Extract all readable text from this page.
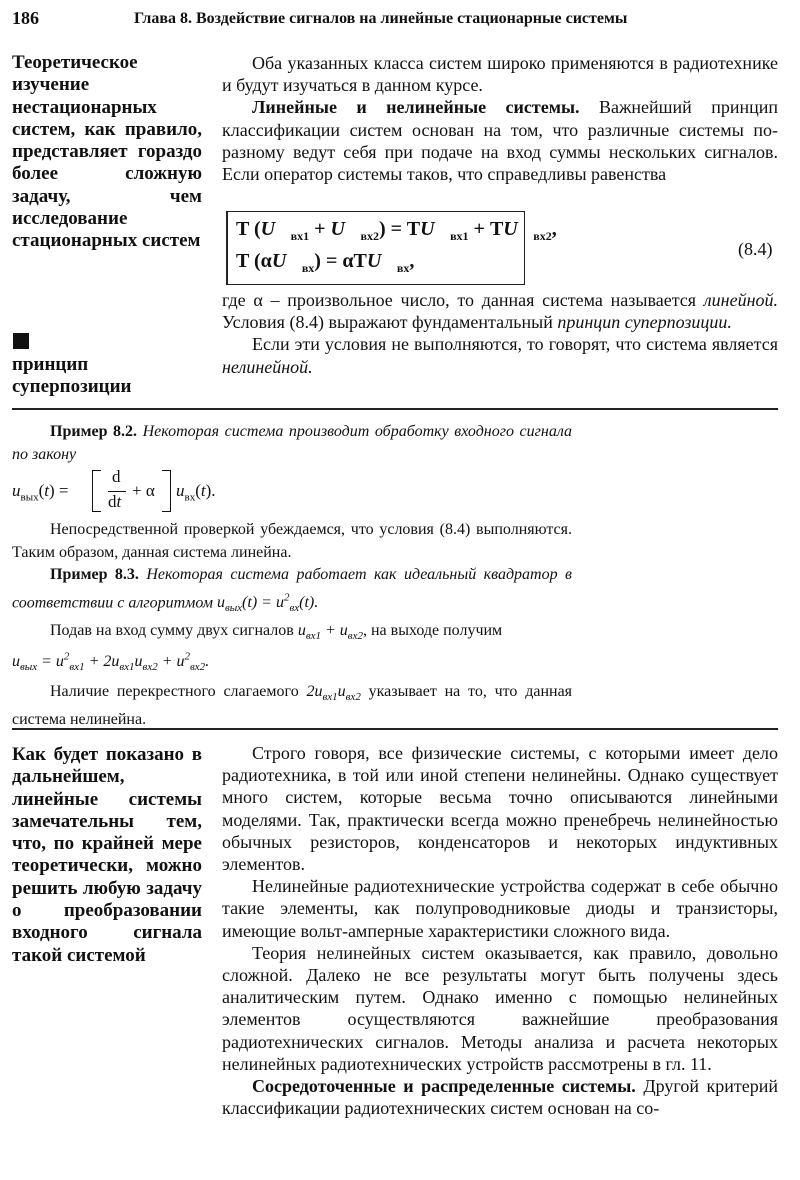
186	Глава 8. Воздействие сигналов на линейные стационарные системы

Теоретическое изучение нестационарных систем, как правило, представляет гораздо более сложную задачу, чем исследование стационарных систем

Оба указанных класса систем широко применяются в радиотехнике и будут изучаться в данном курсе.

Линейные и нелинейные системы. Важнейший принцип классификации систем основан на том, что различные системы по-разному ведут себя при подаче на вход суммы нескольких сигналов. Если оператор системы таков, что справедливы равенства

T ($U⃗_{вх1}$ + $U⃗_{вх2}$) = $TU⃗_{вх1}$ + $TU⃗_{вх2}$,
T $(\alpha U⃗_{вх})$ = $\alpha TU⃗_{вх}$,
(8.4)

где α – произвольное число, то данная система называется линейной. Условия (8.4) выражают фундаментальный принцип суперпозиции.

Если эти условия не выполняются, то говорят, что система является нелинейной.

принцип суперпозиции

Пример 8.2. Некоторая система производит обработку входного сигнала по закону

$u_{вых}(t)$ =
d
dt
+ α $u_{вх}(t)$.

Непосредственной проверкой убеждаемся, что условия (8.4) выполняются. Таким образом, данная система линейна.

Пример 8.3. Некоторая система работает как идеальный квадратор в соответствии с алгоритмом $u_{вых}(t) = u^2_{вх}(t)$.

Подав на вход сумму двух сигналов $u_{вх1} + u_{вх2}$, на выходе получим

$u_{вых} = u^2_{вх1} + 2u_{вх1}u_{вх2} + u^2_{вх2}$.

Наличие перекрестного слагаемого $2u_{вх1}u_{вх2}$ указывает на то, что данная система нелинейна.

Как будет показано в дальнейшем, линейные системы замечательны тем, что, по крайней мере теоретически, можно решить любую задачу о преобразовании входного сигнала такой системой

Строго говоря, все физические системы, с которыми имеет дело радиотехника, в той или иной степени нелинейны. Однако существует много систем, которые весьма точно описываются линейными моделями. Так, практически всегда можно пренебречь нелинейностью обычных резисторов, конденсаторов и некоторых индуктивных элементов.

Нелинейные радиотехнические устройства содержат в себе обычно такие элементы, как полупроводниковые диоды и транзисторы, имеющие вольт-амперные характеристики сложного вида.

Теория нелинейных систем оказывается, как правило, довольно сложной. Далеко не все результаты могут быть получены здесь аналитическим путем. Однако именно с помощью нелинейных элементов осуществляются важнейшие преобразования радиотехнических сигналов. Методы анализа и расчета некоторых нелинейных радиотехнических устройств рассмотрены в гл. 11.

Сосредоточенные и распределенные системы. Другой критерий классификации радиотехнических систем основан на со-
